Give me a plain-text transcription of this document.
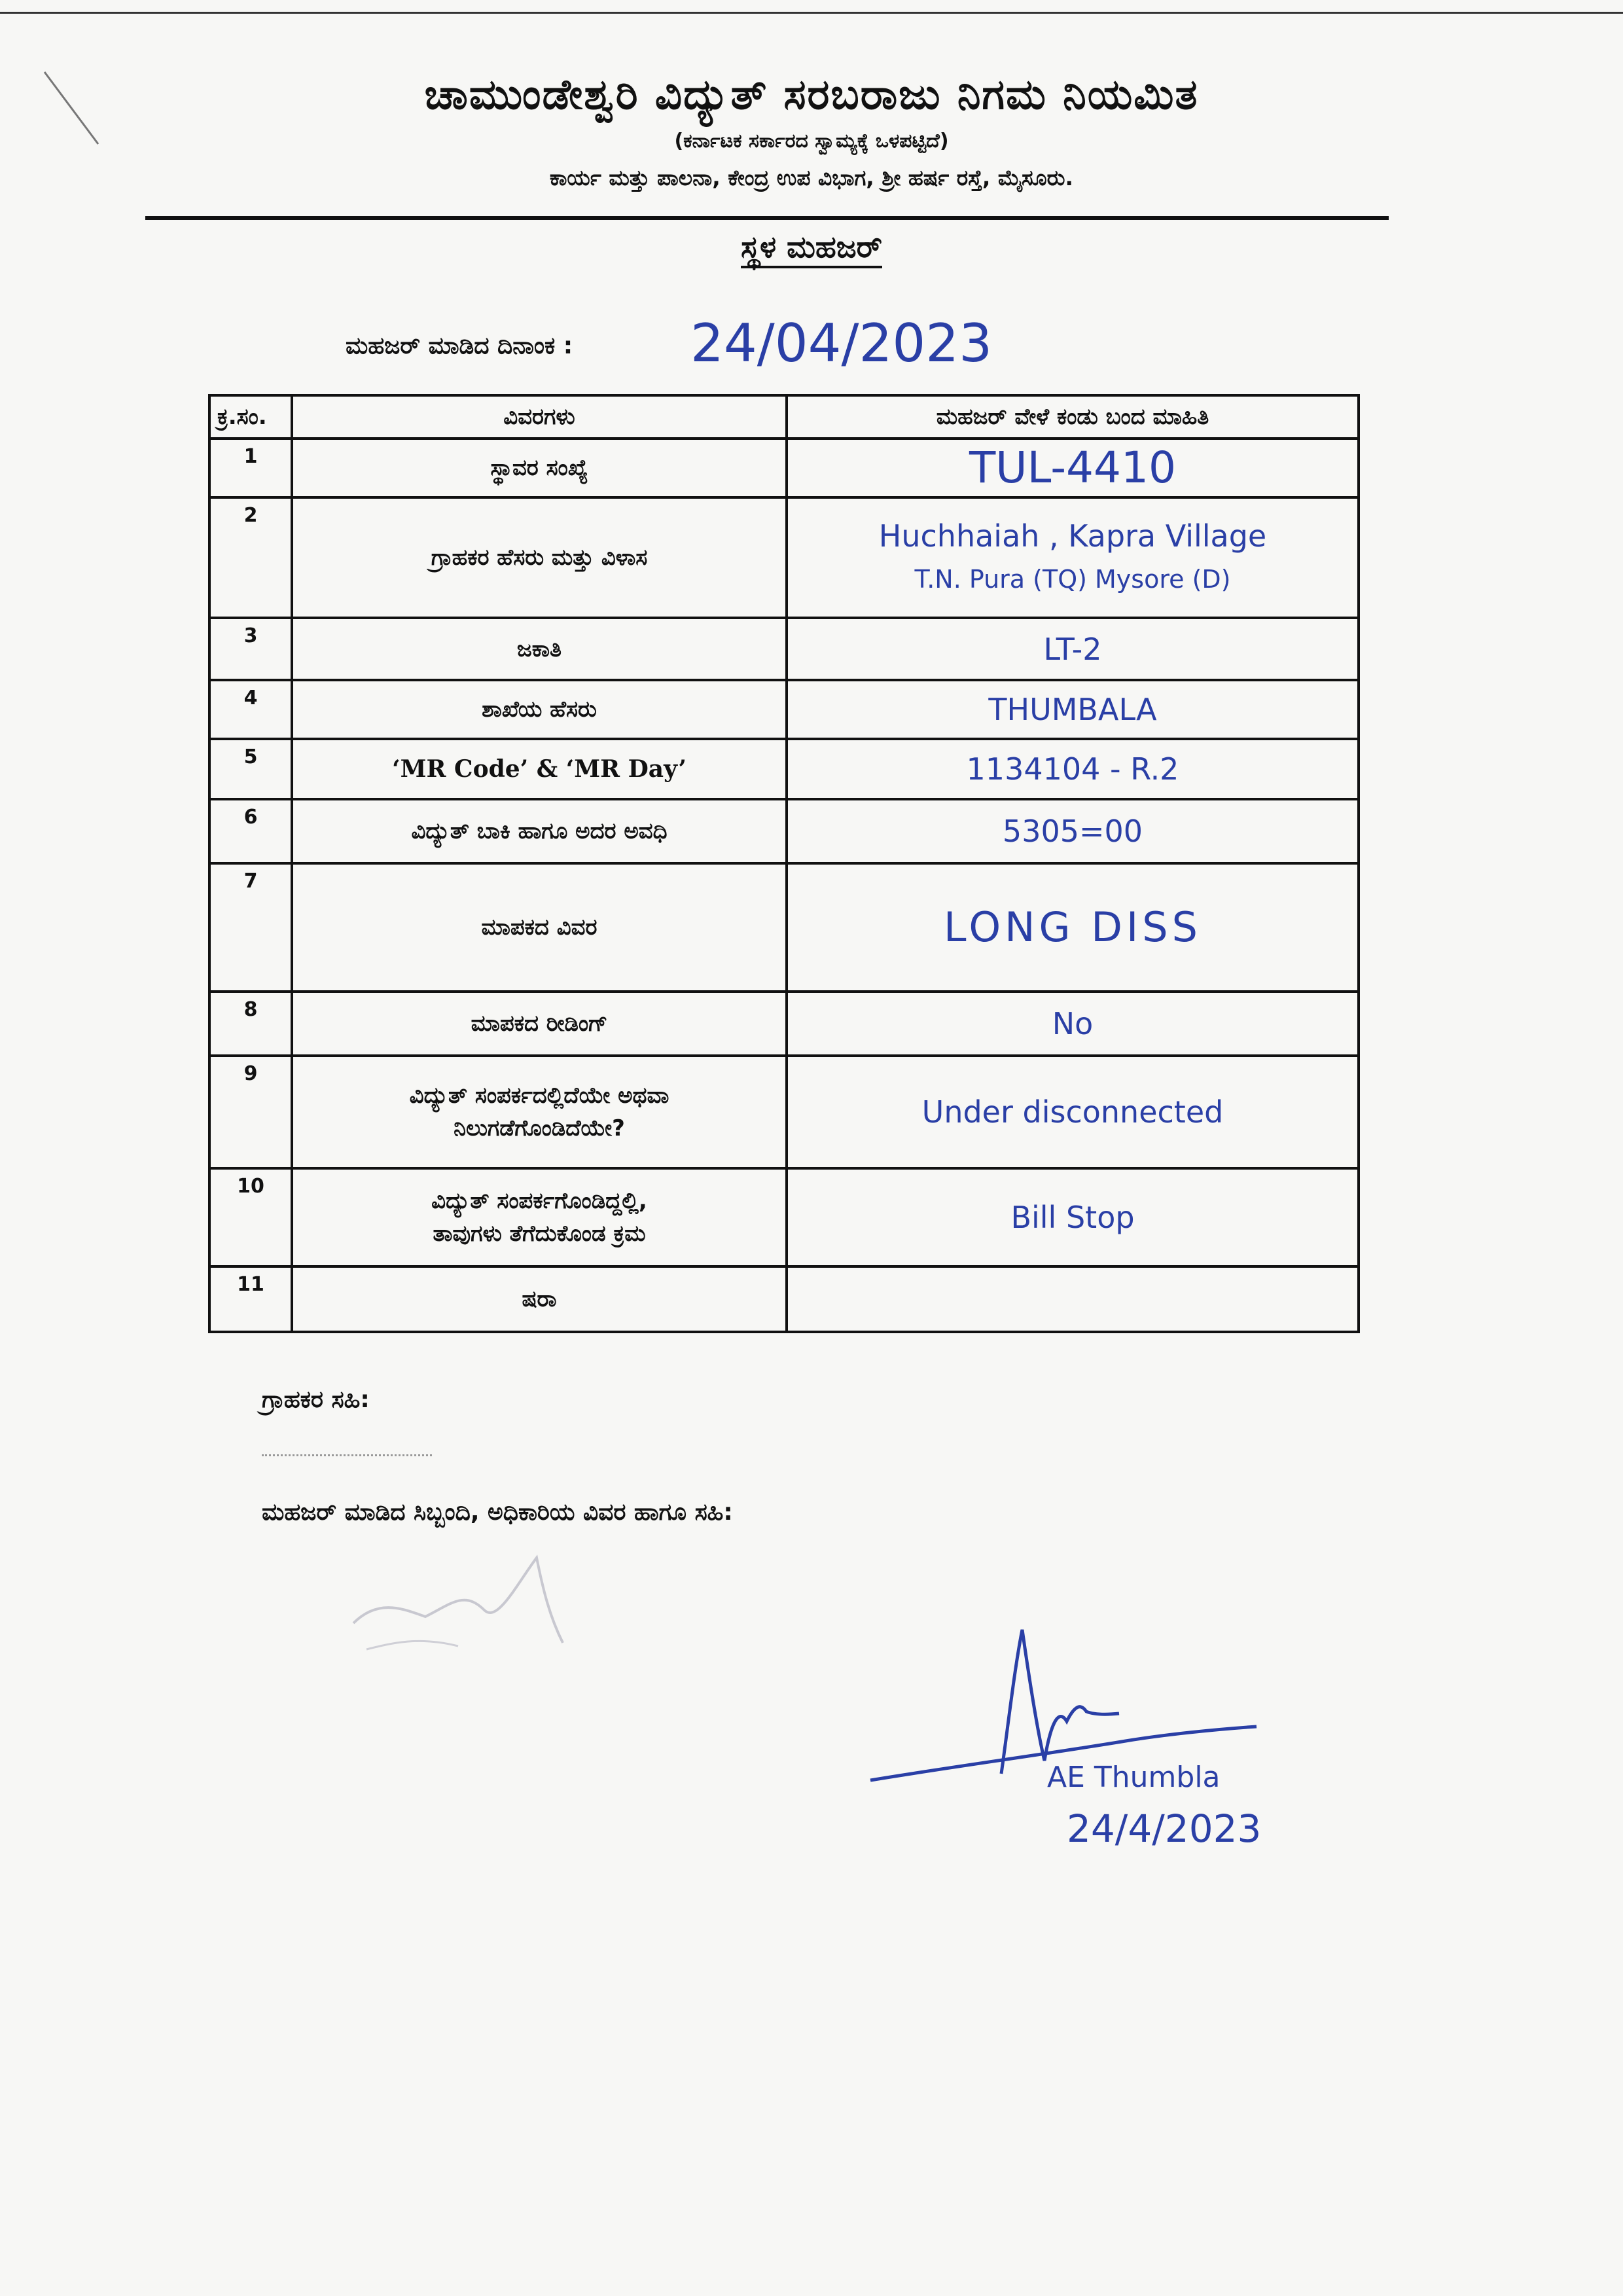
ಚಾಮುಂಡೇಶ್ವರಿ ವಿದ್ಯುತ್ ಸರಬರಾಜು ನಿಗಮ ನಿಯಮಿತ
(ಕರ್ನಾಟಕ ಸರ್ಕಾರದ ಸ್ವಾಮ್ಯಕ್ಕೆ ಒಳಪಟ್ಟಿದೆ)
ಕಾರ್ಯ ಮತ್ತು ಪಾಲನಾ, ಕೇಂದ್ರ ಉಪ ವಿಭಾಗ, ಶ್ರೀ ಹರ್ಷ ರಸ್ತೆ, ಮೈಸೂರು.
ಸ್ಥಳ ಮಹಜರ್
ಮಹಜರ್ ಮಾಡಿದ ದಿನಾಂಕ : 24/04/2023
ಕ್ರ.ಸಂ.	ವಿವರಗಳು	ಮಹಜರ್ ವೇಳೆ ಕಂಡು ಬಂದ ಮಾಹಿತಿ
1	ಸ್ಥಾವರ ಸಂಖ್ಯೆ	TUL-4410
2	ಗ್ರಾಹಕರ ಹೆಸರು ಮತ್ತು ವಿಳಾಸ	Huchhaiah , Kapra Village
T.N. Pura (TQ) Mysore (D)

3	ಜಕಾತಿ	LT-2
4	ಶಾಖೆಯ ಹೆಸರು	THUMBALA
5	‘MR Code’ & ‘MR Day’	1134104 - R.2
6	ವಿದ್ಯುತ್ ಬಾಕಿ ಹಾಗೂ ಅದರ ಅವಧಿ	5305=00
7	ಮಾಪಕದ ವಿವರ	LONG DISS
8	ಮಾಪಕದ ರೀಡಿಂಗ್	No
9	ವಿದ್ಯುತ್ ಸಂಪರ್ಕದಲ್ಲಿದೆಯೇ ಅಥವಾ
ನಿಲುಗಡೆಗೊಂಡಿದೆಯೇ?	Under disconnected
10	ವಿದ್ಯುತ್ ಸಂಪರ್ಕಗೊಂಡಿದ್ದಲ್ಲಿ,
ತಾವುಗಳು ತೆಗೆದುಕೊಂಡ ಕ್ರಮ	Bill Stop
11	ಷರಾ	
ಗ್ರಾಹಕರ ಸಹಿ:
ಮಹಜರ್ ಮಾಡಿದ ಸಿಬ್ಬಂದಿ, ಅಧಿಕಾರಿಯ ವಿವರ ಹಾಗೂ ಸಹಿ:
AE Thumbla
24/4/2023
